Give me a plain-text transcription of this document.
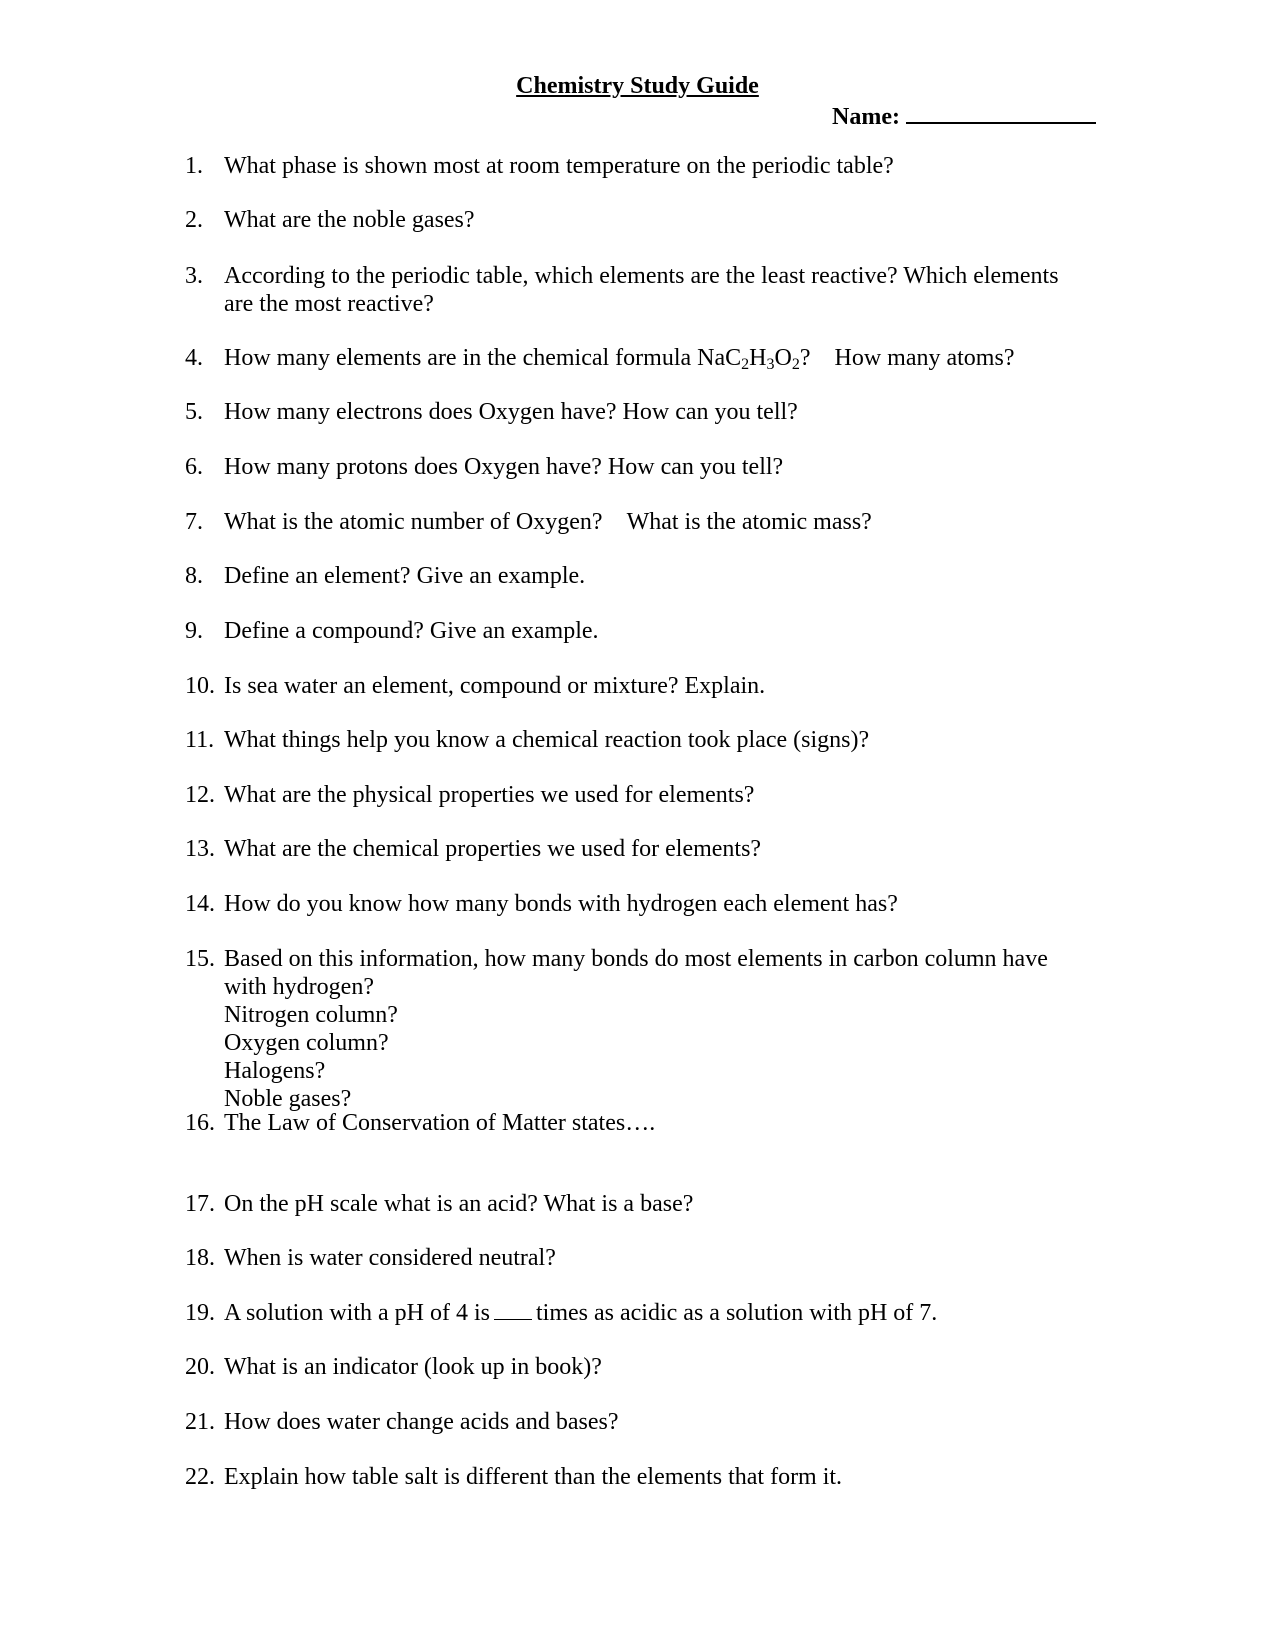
Chemistry Study Guide
Name:
1. What phase is shown most at room temperature on the periodic table?
2. What are the noble gases?
3. According to the periodic table, which elements are the least reactive? Which elements
are the most reactive?
4. How many elements are in the chemical formula $NaC_2H_3O_2$? How many atoms?
5. How many electrons does Oxygen have? How can you tell?
6. How many protons does Oxygen have? How can you tell?
7. What is the atomic number of Oxygen? What is the atomic mass?
8. Define an element? Give an example.
9. Define a compound? Give an example.
10. Is sea water an element, compound or mixture? Explain.
11. What things help you know a chemical reaction took place (signs)?
12. What are the physical properties we used for elements?
13. What are the chemical properties we used for elements?
14. How do you know how many bonds with hydrogen each element has?
15. Based on this information, how many bonds do most elements in carbon column have
with hydrogen?
Nitrogen column?
Oxygen column?
Halogens?
Noble gases?
16. The Law of Conservation of Matter states….
17. On the pH scale what is an acid? What is a base?
18. When is water considered neutral?
19. A solution with a pH of 4 is times as acidic as a solution with pH of 7.
20. What is an indicator (look up in book)?
21. How does water change acids and bases?
22. Explain how table salt is different than the elements that form it.
